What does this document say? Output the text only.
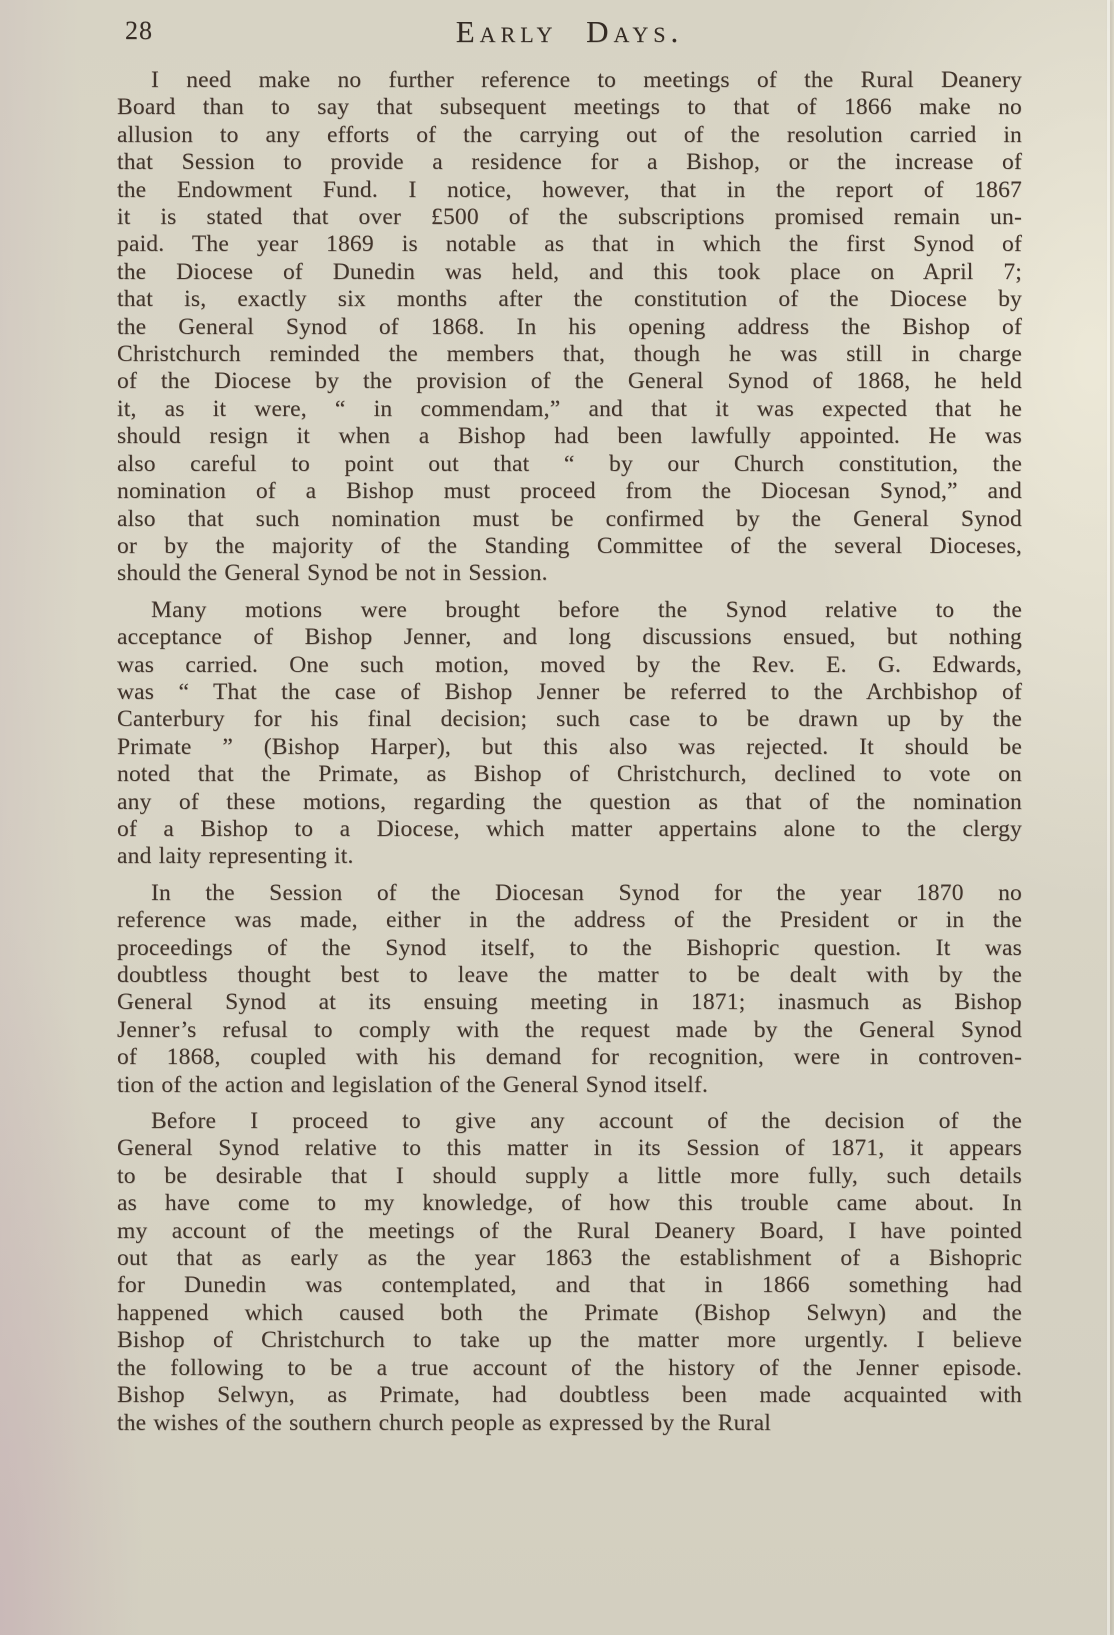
28	Early Days.
I need make no further reference to meetings of the Rural Deanery
Board than to say that subsequent meetings to that of 1866 make no
allusion to any efforts of the carrying out of the resolution carried in
that Session to provide a residence for a Bishop, or the increase of
the Endowment Fund. I notice, however, that in the report of 1867
it is stated that over £500 of the subscriptions promised remain un-
paid. The year 1869 is notable as that in which the first Synod of
the Diocese of Dunedin was held, and this took place on April 7;
that is, exactly six months after the constitution of the Diocese by
the General Synod of 1868. In his opening address the Bishop of
Christchurch reminded the members that, though he was still in charge
of the Diocese by the provision of the General Synod of 1868, he held
it, as it were, “ in commendam,” and that it was expected that he
should resign it when a Bishop had been lawfully appointed. He was
also careful to point out that “ by our Church constitution, the
nomination of a Bishop must proceed from the Diocesan Synod,” and
also that such nomination must be confirmed by the General Synod
or by the majority of the Standing Committee of the several Dioceses,
should the General Synod be not in Session.
Many motions were brought before the Synod relative to the
acceptance of Bishop Jenner, and long discussions ensued, but nothing
was carried. One such motion, moved by the Rev. E. G. Edwards,
was “ That the case of Bishop Jenner be referred to the Archbishop of
Canterbury for his final decision; such case to be drawn up by the
Primate ” (Bishop Harper), but this also was rejected. It should be
noted that the Primate, as Bishop of Christchurch, declined to vote on
any of these motions, regarding the question as that of the nomination
of a Bishop to a Diocese, which matter appertains alone to the clergy
and laity representing it.
In the Session of the Diocesan Synod for the year 1870 no
reference was made, either in the address of the President or in the
proceedings of the Synod itself, to the Bishopric question. It was
doubtless thought best to leave the matter to be dealt with by the
General Synod at its ensuing meeting in 1871; inasmuch as Bishop
Jenner’s refusal to comply with the request made by the General Synod
of 1868, coupled with his demand for recognition, were in controven-
tion of the action and legislation of the General Synod itself.
Before I proceed to give any account of the decision of the
General Synod relative to this matter in its Session of 1871, it appears
to be desirable that I should supply a little more fully, such details
as have come to my knowledge, of how this trouble came about. In
my account of the meetings of the Rural Deanery Board, I have pointed
out that as early as the year 1863 the establishment of a Bishopric
for Dunedin was contemplated, and that in 1866 something had
happened which caused both the Primate (Bishop Selwyn) and the
Bishop of Christchurch to take up the matter more urgently. I believe
the following to be a true account of the history of the Jenner episode.
Bishop Selwyn, as Primate, had doubtless been made acquainted with
the wishes of the southern church people as expressed by the Rural
